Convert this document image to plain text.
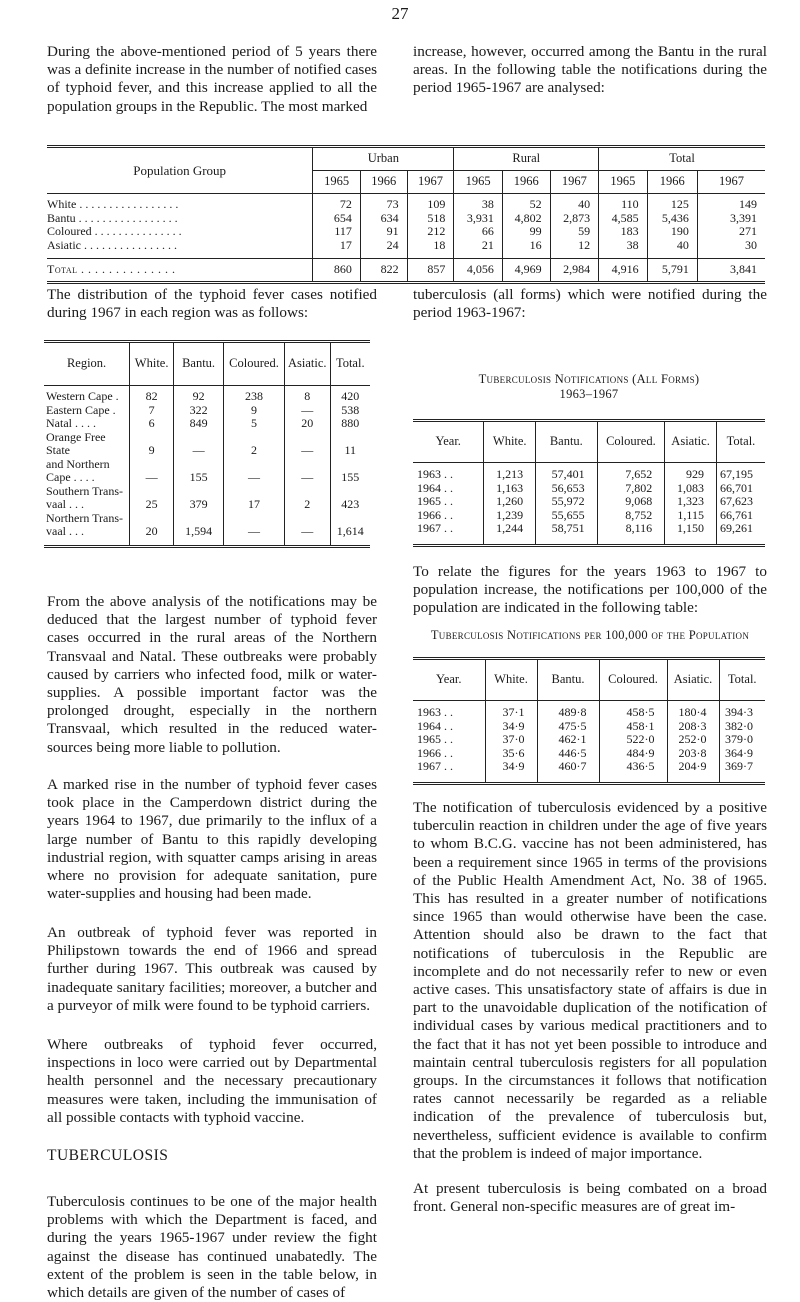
27

During the above-mentioned period of 5 years there was a definite increase in the number of notified cases of typhoid fever, and this increase applied to all the population groups in the Republic. The most marked

increase, however, occurred among the Bantu in the rural areas. In the following table the notifications during the period 1965-1967 are analysed:

Population Group	Urban			Rural			Total		
	1965	1966	1967	1965	1966	1967	1965	1966	1967
White . . . . . . . . . . . . . . . . .	72	73	109	38	52	40	110	125	149
Bantu . . . . . . . . . . . . . . . . .	654	634	518	3,931	4,802	2,873	4,585	5,436	3,391
Coloured . . . . . . . . . . . . . . .	117	91	212	66	99	59	183	190	271
Asiatic . . . . . . . . . . . . . . . .	17	24	18	21	16	12	38	40	30
Total . . . . . . . . . . . . . .	860	822	857	4,056	4,969	2,984	4,916	5,791	3,841

The distribution of the typhoid fever cases notified during 1967 in each region was as follows:

Region.	White.	Bantu.	Coloured.	Asiatic.	Total.
Western Cape .	82	92	238	8	420
Eastern Cape .	7	322	9	—	538
Natal . . . .	6	849	5	20	880
Orange Free State	9	—	2	—	11
and Northern Cape . . . .	—	155	—	—	155
Southern Trans-vaal . . .	25	379	17	2	423
Northern Trans-vaal . . .	20	1,594	—	—	1,614

From the above analysis of the notifications may be deduced that the largest number of typhoid fever cases occurred in the rural areas of the Northern Transvaal and Natal. These outbreaks were probably caused by carriers who infected food, milk or water-supplies. A possible important factor was the prolonged drought, especially in the northern Transvaal, which resulted in the reduced water-sources being more liable to pollution.

A marked rise in the number of typhoid fever cases took place in the Camperdown district during the years 1964 to 1967, due primarily to the influx of a large number of Bantu to this rapidly developing industrial region, with squatter camps arising in areas where no provision for adequate sanitation, pure water-supplies and housing had been made.

An outbreak of typhoid fever was reported in Philipstown towards the end of 1966 and spread further during 1967. This outbreak was caused by inadequate sanitary facilities; moreover, a butcher and a purveyor of milk were found to be typhoid carriers.

Where outbreaks of typhoid fever occurred, inspections in loco were carried out by Departmental health personnel and the necessary precautionary measures were taken, including the immunisation of all possible contacts with typhoid vaccine.

TUBERCULOSIS

Tuberculosis continues to be one of the major health problems with which the Department is faced, and during the years 1965-1967 under review the fight against the disease has continued unabatedly. The extent of the problem is seen in the table below, in which details are given of the number of cases of

tuberculosis (all forms) which were notified during the period 1963-1967:

Tuberculosis Notifications (All Forms)
1963–1967
Year.	White.	Bantu.	Coloured.	Asiatic.	Total.
1963 . .	1,213	57,401	7,652	929	67,195
1964 . .	1,163	56,653	7,802	1,083	66,701
1965 . .	1,260	55,972	9,068	1,323	67,623
1966 . .	1,239	55,655	8,752	1,115	66,761
1967 . .	1,244	58,751	8,116	1,150	69,261

To relate the figures for the years 1963 to 1967 to population increase, the notifications per 100,000 of the population are indicated in the following table:

Tuberculosis Notifications per 100,000 of the Population
Year.	White.	Bantu.	Coloured.	Asiatic.	Total.
1963 . .	37·1	489·8	458·5	180·4	394·3
1964 . .	34·9	475·5	458·1	208·3	382·0
1965 . .	37·0	462·1	522·0	252·0	379·0
1966 . .	35·6	446·5	484·9	203·8	364·9
1967 . .	34·9	460·7	436·5	204·9	369·7

The notification of tuberculosis evidenced by a positive tuberculin reaction in children under the age of five years to whom B.C.G. vaccine has not been administered, has been a requirement since 1965 in terms of the provisions of the Public Health Amendment Act, No. 38 of 1965. This has resulted in a greater number of notifications since 1965 than would otherwise have been the case. Attention should also be drawn to the fact that notifications of tuberculosis in the Republic are incomplete and do not necessarily refer to new or even active cases. This unsatisfactory state of affairs is due in part to the unavoidable duplication of the notification of individual cases by various medical practitioners and to the fact that it has not yet been possible to introduce and maintain central tuberculosis registers for all population groups. In the circumstances it follows that notification rates cannot necessarily be regarded as a reliable indication of the prevalence of tuberculosis but, nevertheless, sufficient evidence is available to confirm that the problem is indeed of major importance.

At present tuberculosis is being combated on a broad front. General non-specific measures are of great im-
